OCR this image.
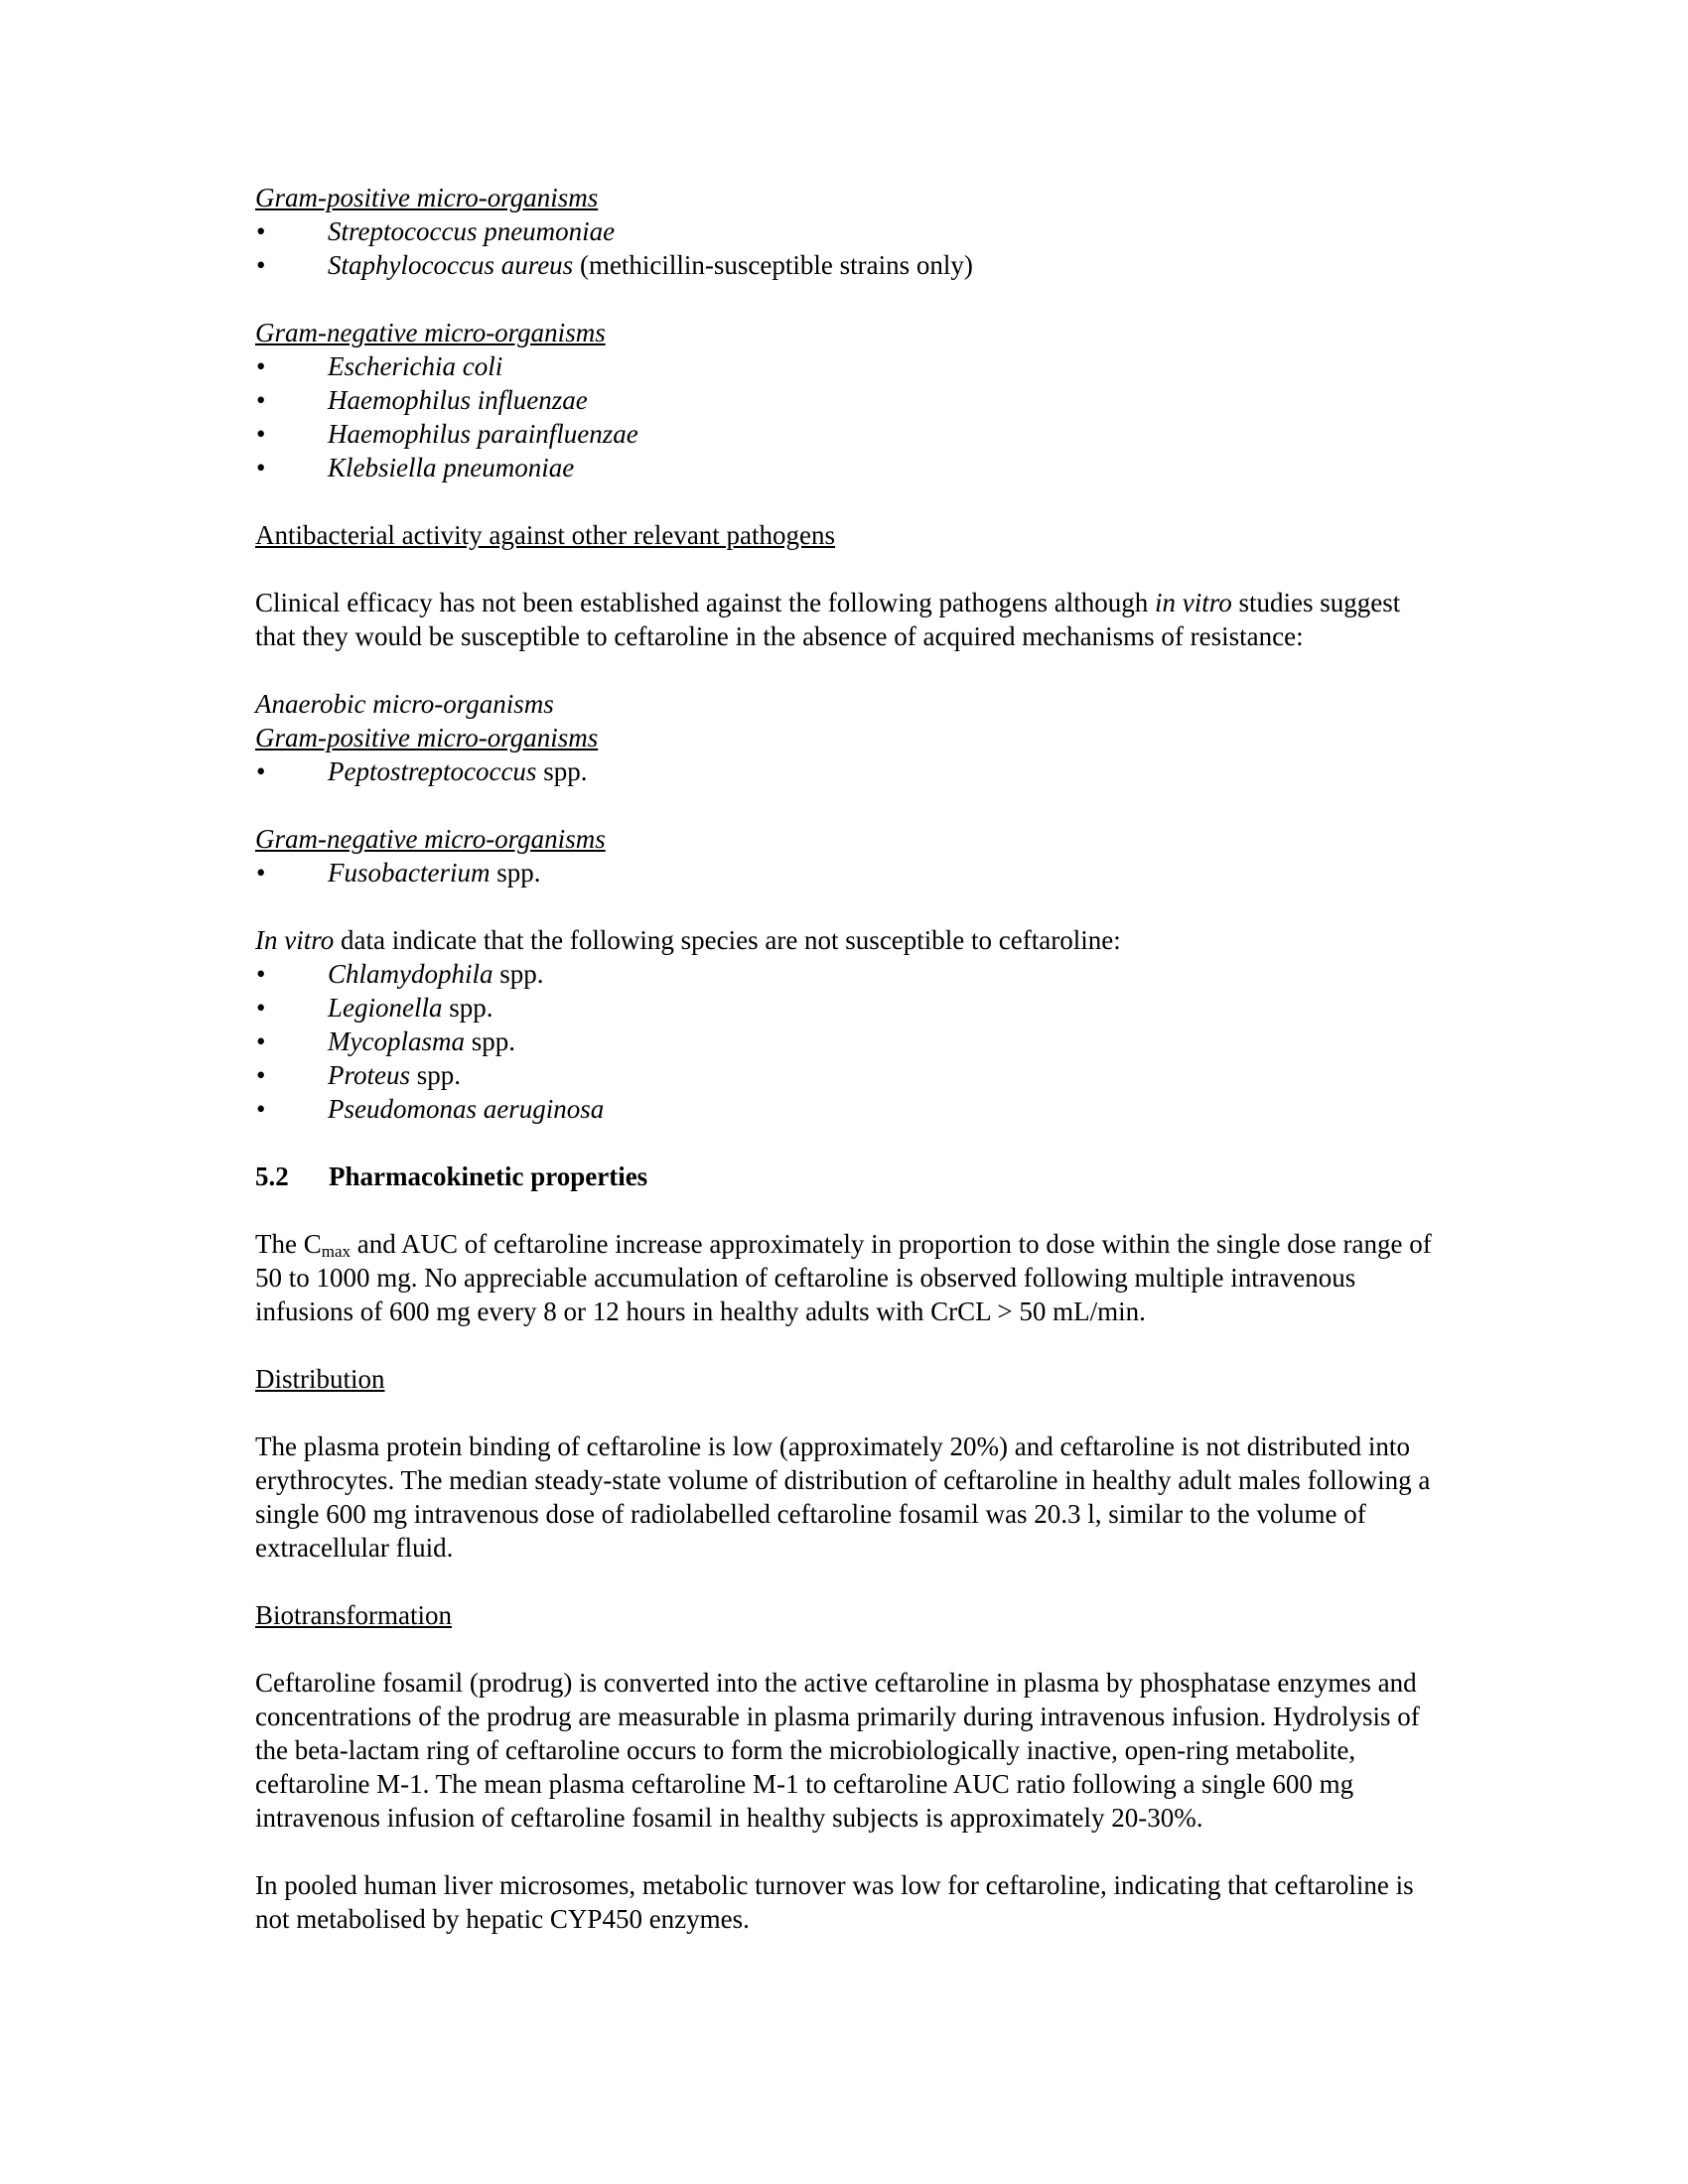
Gram-positive micro-organisms

• Streptococcus pneumoniae
• Staphylococcus aureus (methicillin-susceptible strains only)

Gram-negative micro-organisms

• Escherichia coli
• Haemophilus influenzae
• Haemophilus parainfluenzae
• Klebsiella pneumoniae

Antibacterial activity against other relevant pathogens

Clinical efficacy has not been established against the following pathogens although in vitro studies suggest that they would be susceptible to ceftaroline in the absence of acquired mechanisms of resistance:

Anaerobic micro-organisms

Gram-positive micro-organisms

• Peptostreptococcus spp.

Gram-negative micro-organisms

• Fusobacterium spp.

In vitro data indicate that the following species are not susceptible to ceftaroline:

• Chlamydophila spp.
• Legionella spp.
• Mycoplasma spp.
• Proteus spp.
• Pseudomonas aeruginosa
5.2	Pharmacokinetic properties

The $C_{max}$ and AUC of ceftaroline increase approximately in proportion to dose within the single dose range of 50 to 1000 mg. No appreciable accumulation of ceftaroline is observed following multiple intravenous infusions of 600 mg every 8 or 12 hours in healthy adults with CrCL > 50 mL/min.

Distribution

The plasma protein binding of ceftaroline is low (approximately 20%) and ceftaroline is not distributed into erythrocytes. The median steady-state volume of distribution of ceftaroline in healthy adult males following a single 600 mg intravenous dose of radiolabelled ceftaroline fosamil was 20.3 l, similar to the volume of extracellular fluid.

Biotransformation

Ceftaroline fosamil (prodrug) is converted into the active ceftaroline in plasma by phosphatase enzymes and concentrations of the prodrug are measurable in plasma primarily during intravenous infusion. Hydrolysis of the beta-lactam ring of ceftaroline occurs to form the microbiologically inactive, open-ring metabolite, ceftaroline M-1. The mean plasma ceftaroline M-1 to ceftaroline AUC ratio following a single 600 mg intravenous infusion of ceftaroline fosamil in healthy subjects is approximately 20-30%.

In pooled human liver microsomes, metabolic turnover was low for ceftaroline, indicating that ceftaroline is not metabolised by hepatic CYP450 enzymes.
